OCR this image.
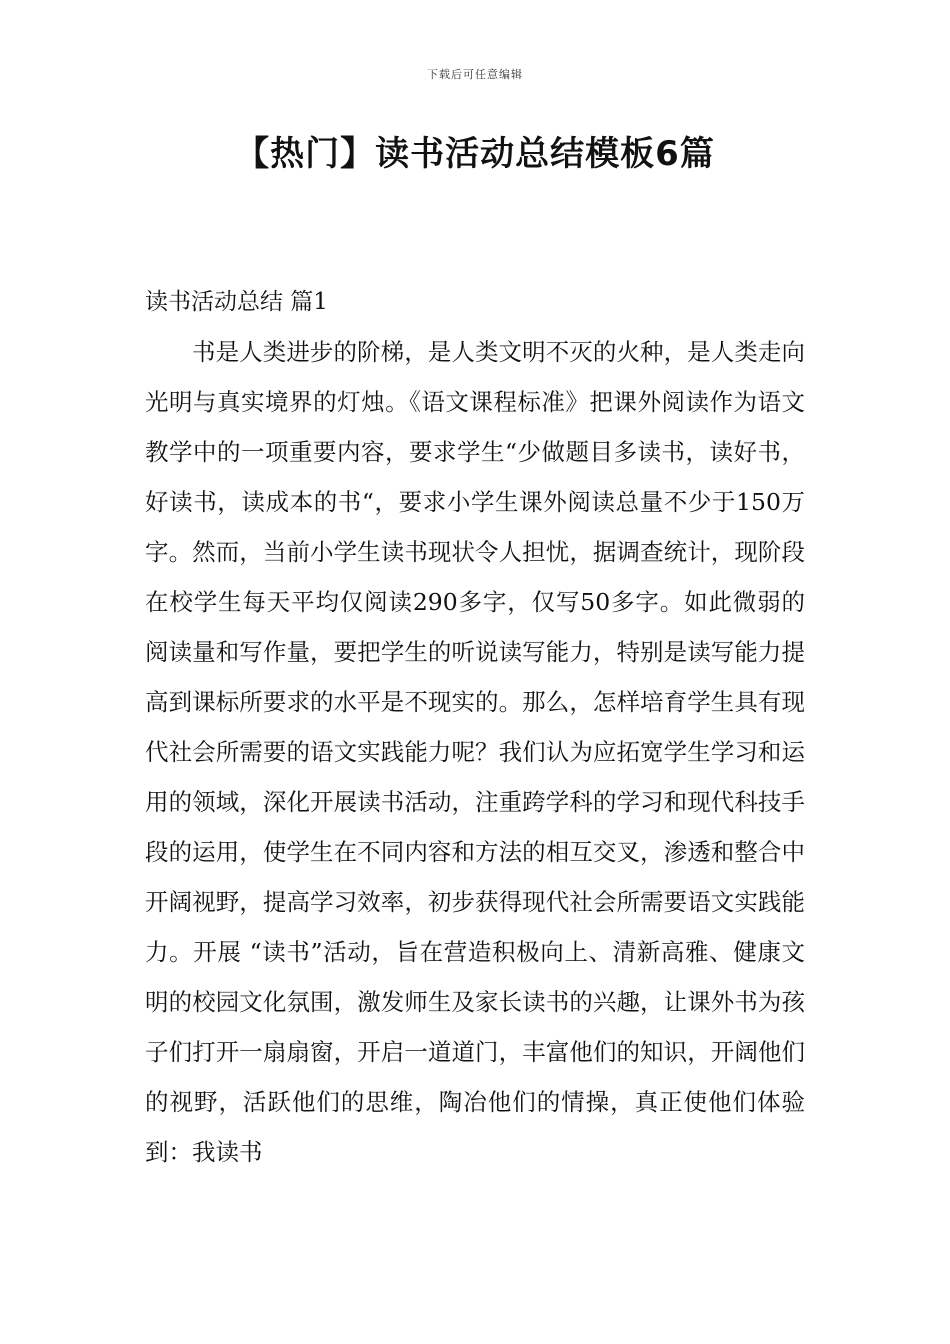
下载后可任意编辑
【热门】读书活动总结模板6篇
读书活动总结 篇1

书是人类进步的阶梯，是人类文明不灭的火种，是人类走向光明与真实境界的灯烛。《语文课程标准》把课外阅读作为语文教学中的一项重要内容，要求学生“少做题目多读书，读好书，好读书，读成本的书“，要求小学生课外阅读总量不少于150万字。然而，当前小学生读书现状令人担忧，据调查统计，现阶段在校学生每天平均仅阅读290多字，仅写50多字。如此微弱的阅读量和写作量，要把学生的听说读写能力，特别是读写能力提高到课标所要求的水平是不现实的。那么，怎样培育学生具有现代社会所需要的语文实践能力呢？我们认为应拓宽学生学习和运用的领域，深化开展读书活动，注重跨学科的学习和现代科技手段的运用，使学生在不同内容和方法的相互交叉，渗透和整合中开阔视野，提高学习效率，初步获得现代社会所需要语文实践能力。开展 “读书”活动，旨在营造积极向上、清新高雅、健康文明的校园文化氛围，激发师生及家长读书的兴趣，让课外书为孩子们打开一扇扇窗，开启一道道门，丰富他们的知识，开阔他们的视野，活跃他们的思维，陶冶他们的情操，真正使他们体验到：我读书
